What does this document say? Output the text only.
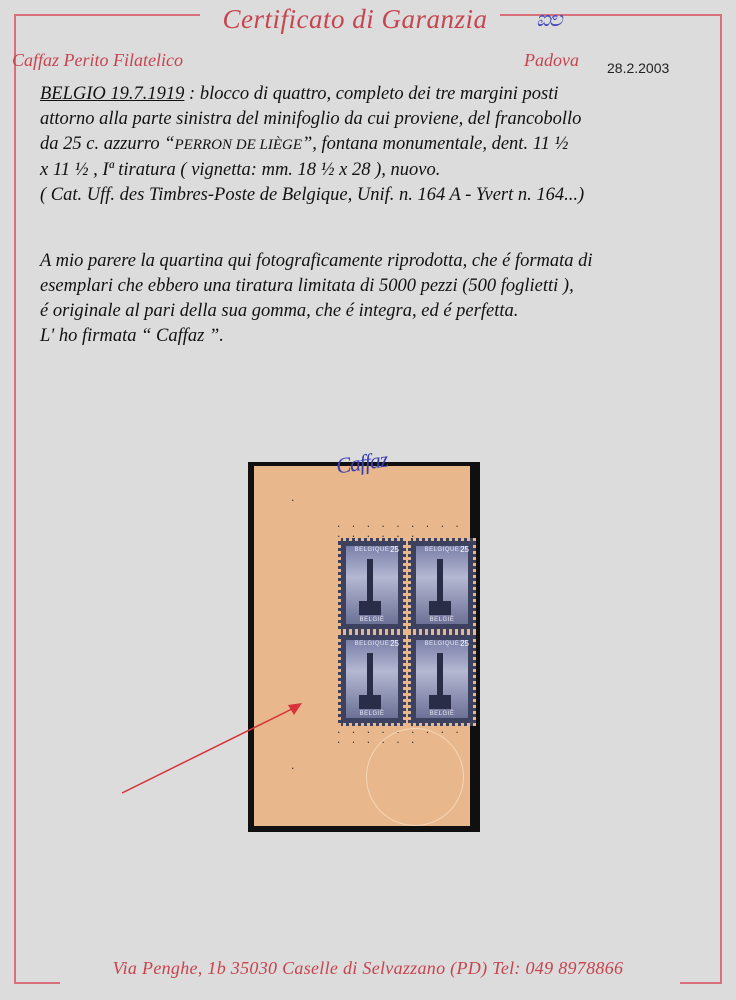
Certificato di Garanzia	ಐಲ
Caffaz Perito Filatelico	Padova 28.2.2003
BELGIO 19.7.1919 : blocco di quattro, completo dei tre margini posti
attorno alla parte sinistra del minifoglio da cui proviene, del francobollo
da 25 c. azzurro “PERRON DE LIÈGE”, fontana monumentale, dent. 11 ½
x 11 ½ , Iª tiratura ( vignetta: mm. 18 ½ x 28 ), nuovo.
( Cat. Uff. des Timbres-Poste de Belgique, Unif. n. 164 A - Yvert n. 164...)
A mio parere la quartina qui fotograficamente riprodotta, che é formata di
esemplari che ebbero una tiratura limitata di 5000 pezzi (500 foglietti ),
é originale al pari della sua gomma, che é integra, ed é perfetta.
L' ho firmata “ Caffaz ”.
Caffaz
BELGIQUE
BELGIË
25	BELGIQUE
BELGIË
25
BELGIQUE
BELGIË
25	BELGIQUE
BELGIË
25
· · · · · · · · · · · · · · ·
· · · · · · · · · · · · · · ·
·
·
Via Penghe, 1b 35030 Caselle di Selvazzano (PD) Tel: 049 8978866
